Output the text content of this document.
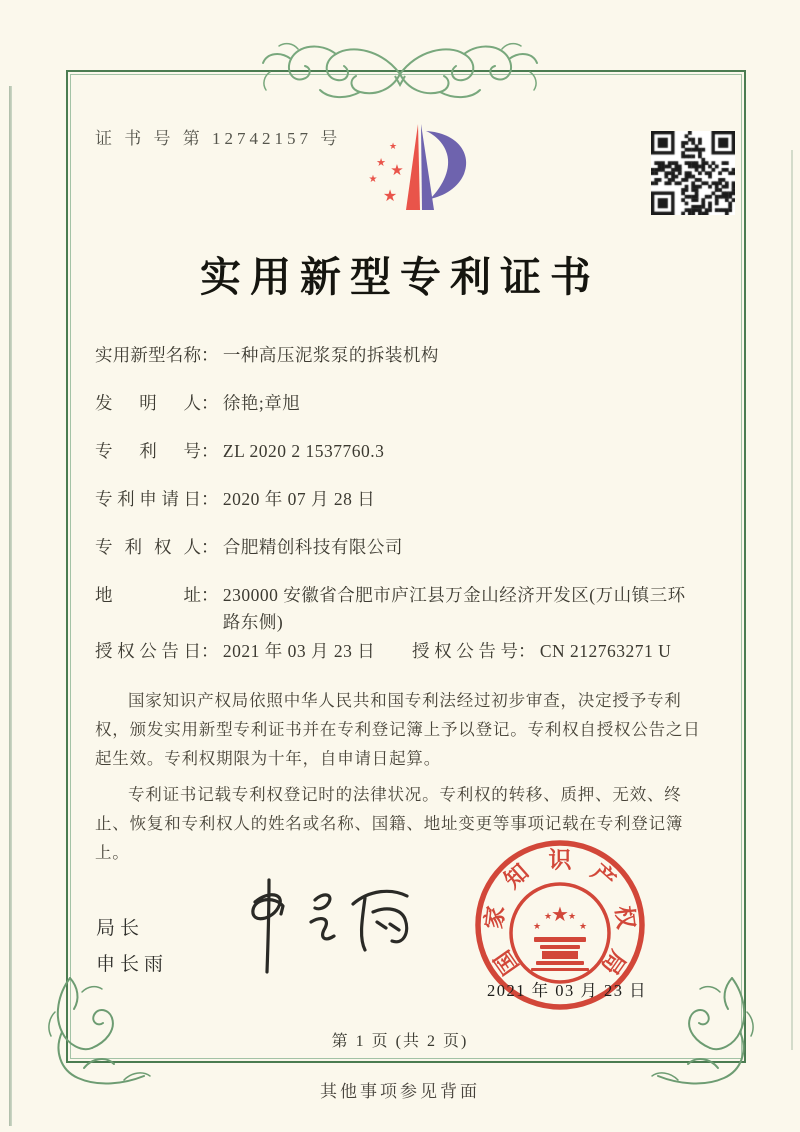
证 书 号 第 12742157 号	★
★ ★
★
★
实用新型专利证书
实用新型名称： 一种高压泥浆泵的拆装机构
发明人： 徐艳;章旭
专利号： ZL 2020 2 1537760.3
专利申请日： 2020 年 07 月 28 日
专利权人： 合肥精创科技有限公司
地址： 230000 安徽省合肥市庐江县万金山经济开发区(万山镇三环路东侧)
授权公告日： 2021 年 03 月 23 日 授权公告号： CN 212763271 U

国家知识产权局依照中华人民共和国专利法经过初步审查，决定授予专利权，颁发实用新型专利证书并在专利登记簿上予以登记。专利权自授权公告之日起生效。专利权期限为十年，自申请日起算。

专利证书记载专利权登记时的法律状况。专利权的转移、质押、无效、终止、恢复和专利权人的姓名或名称、国籍、地址变更等事项记载在专利登记簿上。

局长
申长雨	国
家
知 识 产
权
局
★
★
★ ★
★
2021 年 03 月 23 日
第 1 页 (共 2 页)
其他事项参见背面
